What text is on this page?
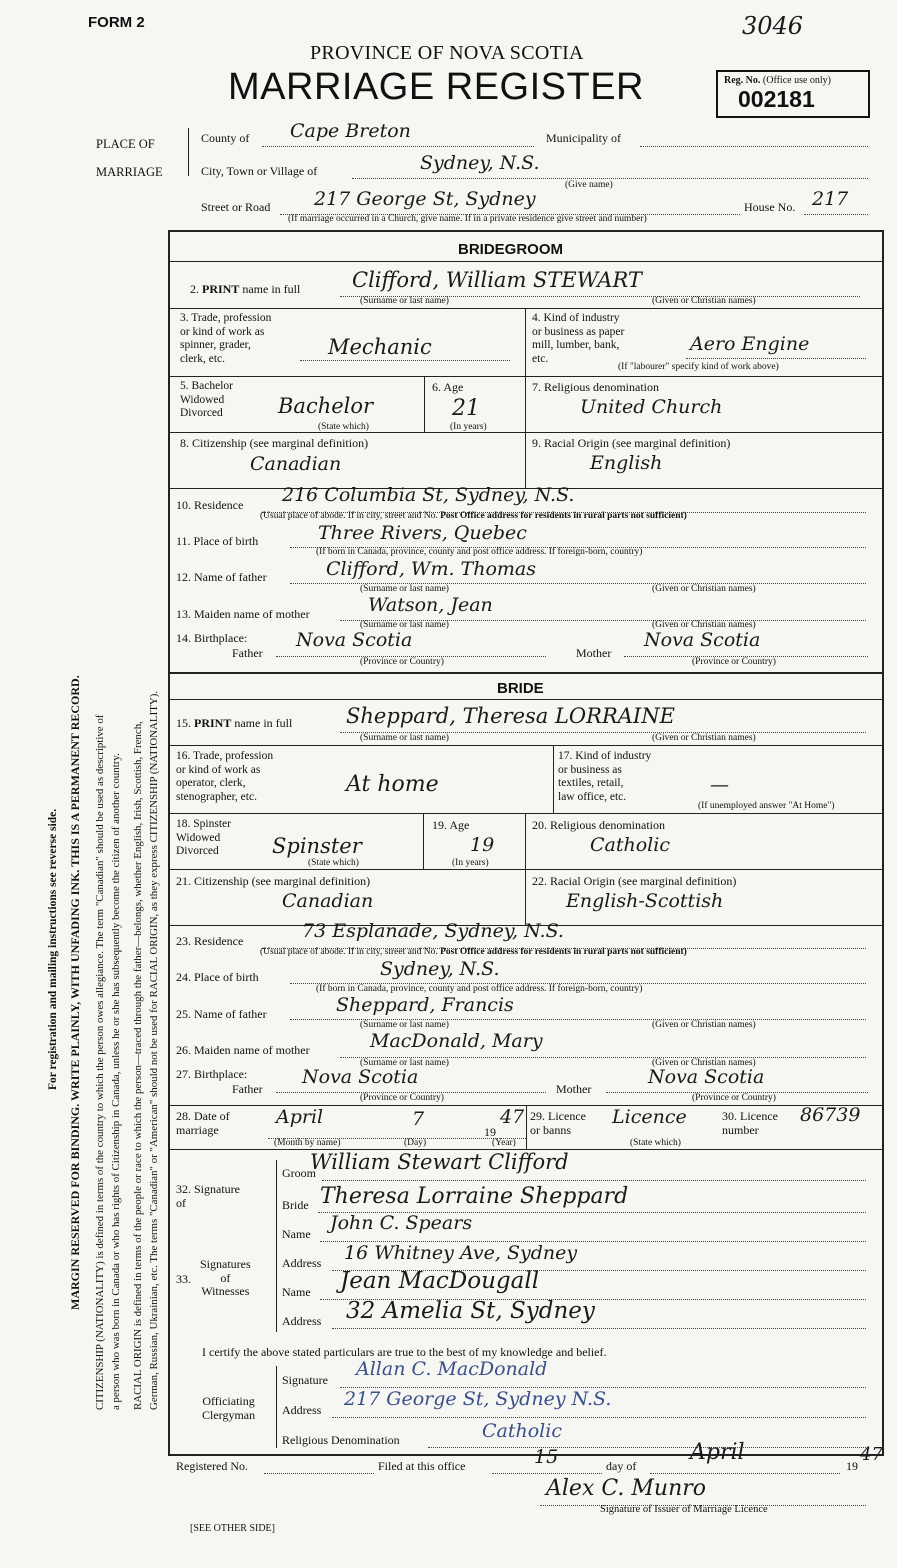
FORM 2	3046
PROVINCE OF NOVA SCOTIA
MARRIAGE REGISTER	Reg. No. (Office use only)
002181
For registration and mailing instructions see reverse side. MARGIN RESERVED FOR BINDING. WRITE PLAINLY, WITH UNFADING INK. THIS IS A PERMANENT RECORD. CITIZENSHIP (NATIONALITY) is defined in terms of the country to which the person owes allegiance. The term "Canadian" should be used as descriptive of a person who was born in Canada or who has rights of Citizenship in Canada, unless he or she has subsequently become the citizen of another country. RACIAL ORIGIN is defined in terms of the people or race to which the person—traced through the father—belongs, whether English, Irish, Scottish, French, German, Russian, Ukrainian, etc. The terms "Canadian" or "American" should not be used for RACIAL ORIGIN, as they express CITIZENSHIP (NATIONALITY).
PLACE OF
MARRIAGE
County of Cape Breton	Municipality of
City, Town or Village of	Sydney, N.S.
(Give name)
Street or Road 217 George St, Sydney	House No. 217
(If marriage occurred in a Church, give name. If in a private residence give street and number)
BRIDEGROOM
2. PRINT name in full Clifford, William STEWART
(Surname or last name)	(Given or Christian names)
3. Trade, profession
or kind of work as
spinner, grader,
clerk, etc.	Mechanic
4. Kind of industry
or business as paper
mill, lumber, bank,
etc.
Aero Engine
(If "labourer" specify kind of work above)
5. Bachelor
Widowed
Divorced	Bachelor
(State which)
6. Age
21
(In years)
7. Religious denomination
United Church
8. Citizenship (see marginal definition)
Canadian
9. Racial Origin (see marginal definition)
English
10. Residence 216 Columbia St, Sydney, N.S.
(Usual place of abode. If in city, street and No. Post Office address for residents in rural parts not sufficient)
11. Place of birth	Three Rivers, Quebec
(If born in Canada, province, county and post office address. If foreign-born, country)
12. Name of father	Clifford, Wm. Thomas
(Surname or last name)	(Given or Christian names)
13. Maiden name of mother	Watson, Jean
(Surname or last name)	(Given or Christian names)
14. Birthplace:
Father
Nova Scotia
Mother
Nova Scotia
(Province or Country)	(Province or Country)
BRIDE
15. PRINT name in full	Sheppard, Theresa LORRAINE
(Surname or last name)	(Given or Christian names)
16. Trade, profession
or kind of work as
operator, clerk,
stenographer, etc.	At home
17. Kind of industry
or business as
textiles, retail,
law office, etc.
—
(If unemployed answer "At Home")
18. Spinster
Widowed
Divorced	Spinster
(State which)
19. Age
19
(In years)
20. Religious denomination
Catholic
21. Citizenship (see marginal definition)
Canadian
22. Racial Origin (see marginal definition)
English-Scottish
23. Residence	73 Esplanade, Sydney, N.S.
(Usual place of abode. If in city, street and No. Post Office address for residents in rural parts not sufficient)
24. Place of birth	Sydney, N.S.
(If born in Canada, province, county and post office address. If foreign-born, country)
25. Name of father	Sheppard, Francis
(Surname or last name)	(Given or Christian names)
26. Maiden name of mother	MacDonald, Mary
(Surname or last name)	(Given or Christian names)
27. Birthplace:
Father
Nova Scotia
Mother
Nova Scotia
(Province or Country)	(Province or Country)
28. Date of
marriage
April	7
19
47
(Month by name)	(Day)	(Year)
29. Licence
or banns
Licence
(State which)
30. Licence
number
86739
32. Signature
of
Groom
William Stewart Clifford
Bride Theresa Lorraine Sheppard
33.
Signatures
of
Witnesses
Name John C. Spears
Address 16 Whitney Ave, Sydney
Name Jean MacDougall
Address 32 Amelia St, Sydney
I certify the above stated particulars are true to the best of my knowledge and belief.
Officiating
Clergyman
Signature Allan C. MacDonald
Address 217 George St, Sydney N.S.
Religious Denomination	Catholic
Registered No.	Filed at this office	15	day of
April
19
47
Alex C. Munro
Signature of Issuer of Marriage Licence
[SEE OTHER SIDE]
